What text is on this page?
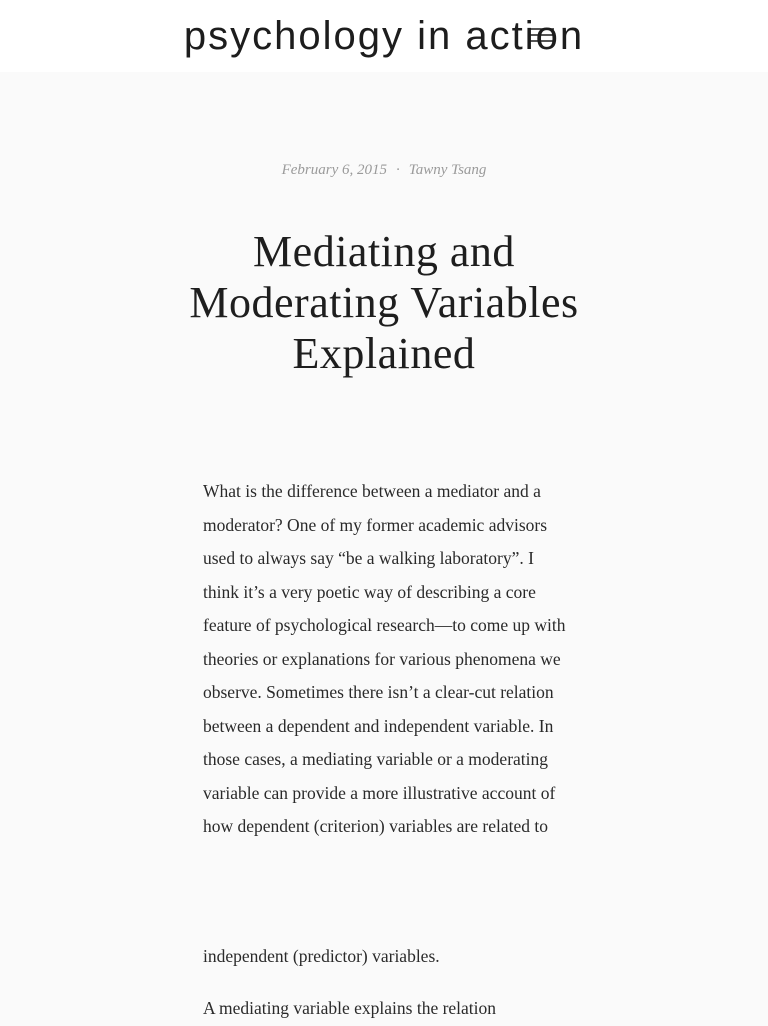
psychology in action
February 6, 2015 · Tawny Tsang
Mediating and Moderating Variables Explained

What is the difference between a mediator and a moderator? One of my former academic advisors used to always say “be a walking laboratory”. I think it’s a very poetic way of describing a core feature of psychological research—to come up with theories or explanations for various phenomena we observe. Sometimes there isn’t a clear-cut relation between a dependent and independent variable. In those cases, a mediating variable or a moderating variable can provide a more illustrative account of how dependent (criterion) variables are related to

independent (predictor) variables.

A mediating variable explains the relation
